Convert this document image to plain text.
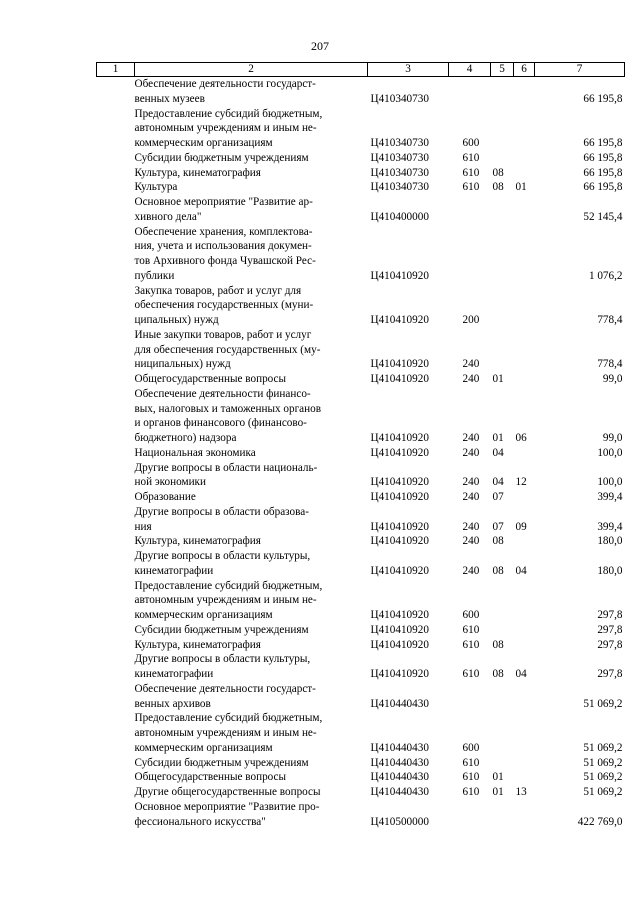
207
1	2	3	4	5	6	7

	Обеспечение деятельности государст-
венных музеев	Ц410340730				66 195,8

	Предоставление субсидий бюджетным,
автономным учреждениям и иным не-
коммерческим организациям	Ц410340730	600			66 195,8

	Субсидии бюджетным учреждениям	Ц410340730	610			66 195,8

	Культура, кинематография	Ц410340730	610	08		66 195,8

	Культура	Ц410340730	610	08	01	66 195,8

	Основное мероприятие "Развитие ар-
хивного дела"	Ц410400000				52 145,4

	Обеспечение хранения, комплектова-
ния, учета и использования докумен-
тов Архивного фонда Чувашской Рес-
публики	Ц410410920				1 076,2

	Закупка товаров, работ и услуг для
обеспечения государственных (муни-
ципальных) нужд	Ц410410920	200			778,4

	Иные закупки товаров, работ и услуг
для обеспечения государственных (му-
ниципальных) нужд	Ц410410920	240			778,4

	Общегосударственные вопросы	Ц410410920	240	01		99,0

	Обеспечение деятельности финансо-
вых, налоговых и таможенных органов
и органов финансового (финансово-
бюджетного) надзора	Ц410410920	240	01	06	99,0

	Национальная экономика	Ц410410920	240	04		100,0

	Другие вопросы в области националь-
ной экономики	Ц410410920	240	04	12	100,0

	Образование	Ц410410920	240	07		399,4

	Другие вопросы в области образова-
ния	Ц410410920	240	07	09	399,4

	Культура, кинематография	Ц410410920	240	08		180,0

	Другие вопросы в области культуры,
кинематографии	Ц410410920	240	08	04	180,0

	Предоставление субсидий бюджетным,
автономным учреждениям и иным не-
коммерческим организациям	Ц410410920	600			297,8

	Субсидии бюджетным учреждениям	Ц410410920	610			297,8

	Культура, кинематография	Ц410410920	610	08		297,8

	Другие вопросы в области культуры,
кинематографии	Ц410410920	610	08	04	297,8

	Обеспечение деятельности государст-
венных архивов	Ц410440430				51 069,2

	Предоставление субсидий бюджетным,
автономным учреждениям и иным не-
коммерческим организациям	Ц410440430	600			51 069,2

	Субсидии бюджетным учреждениям	Ц410440430	610			51 069,2

	Общегосударственные вопросы	Ц410440430	610	01		51 069,2

	Другие общегосударственные вопросы	Ц410440430	610	01	13	51 069,2

	Основное мероприятие "Развитие про-
фессионального искусства"	Ц410500000				422 769,0
